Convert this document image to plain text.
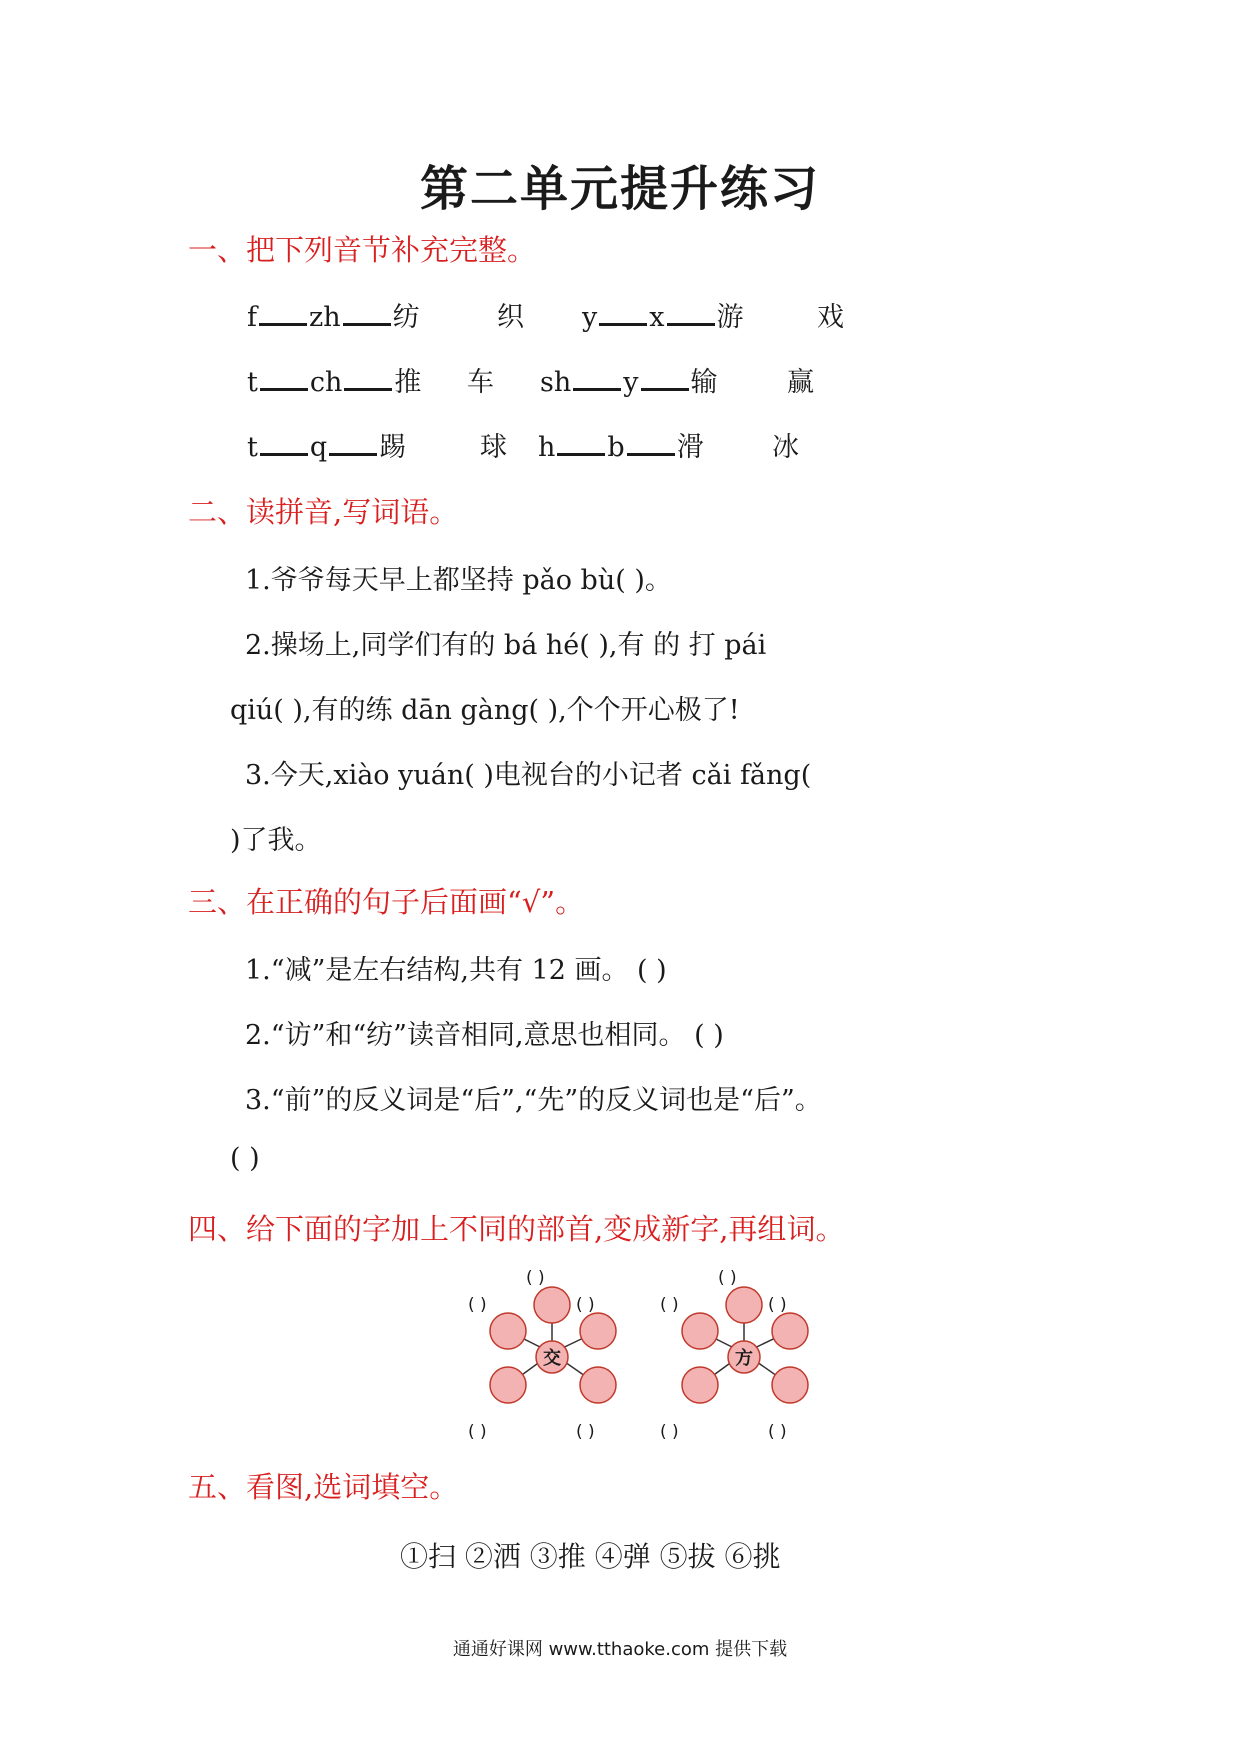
第二单元提升练习
一、把下列音节补充完整。
f zh 纺	织 y x 游	戏
t ch 推 车 sh y 输	赢
t q 踢	球 h b 滑	冰
二、读拼音,写词语。
1.爷爷每天早上都坚持 pǎo bù( )。
2.操场上,同学们有的 bá hé( ),有 的 打 pái
qiú( ),有的练 dān gàng( ),个个开心极了!
3.今天,xiào yuán( )电视台的小记者 cǎi fǎng(
)了我。
三、在正确的句子后面画“√”。
1.“减”是左右结构,共有 12 画。 ( )
2.“访”和“纺”读音相同,意思也相同。 ( )
3.“前”的反义词是“后”,“先”的反义词也是“后”。
( )
四、给下面的字加上不同的部首,变成新字,再组词。
( )
( )	( )
( )	( )
交
( )
( )	( )
( )	( )
方
五、看图,选词填空。
①扫 ②洒 ③推 ④弹 ⑤拔 ⑥挑
通通好课网 www.tthaoke.com 提供下载
